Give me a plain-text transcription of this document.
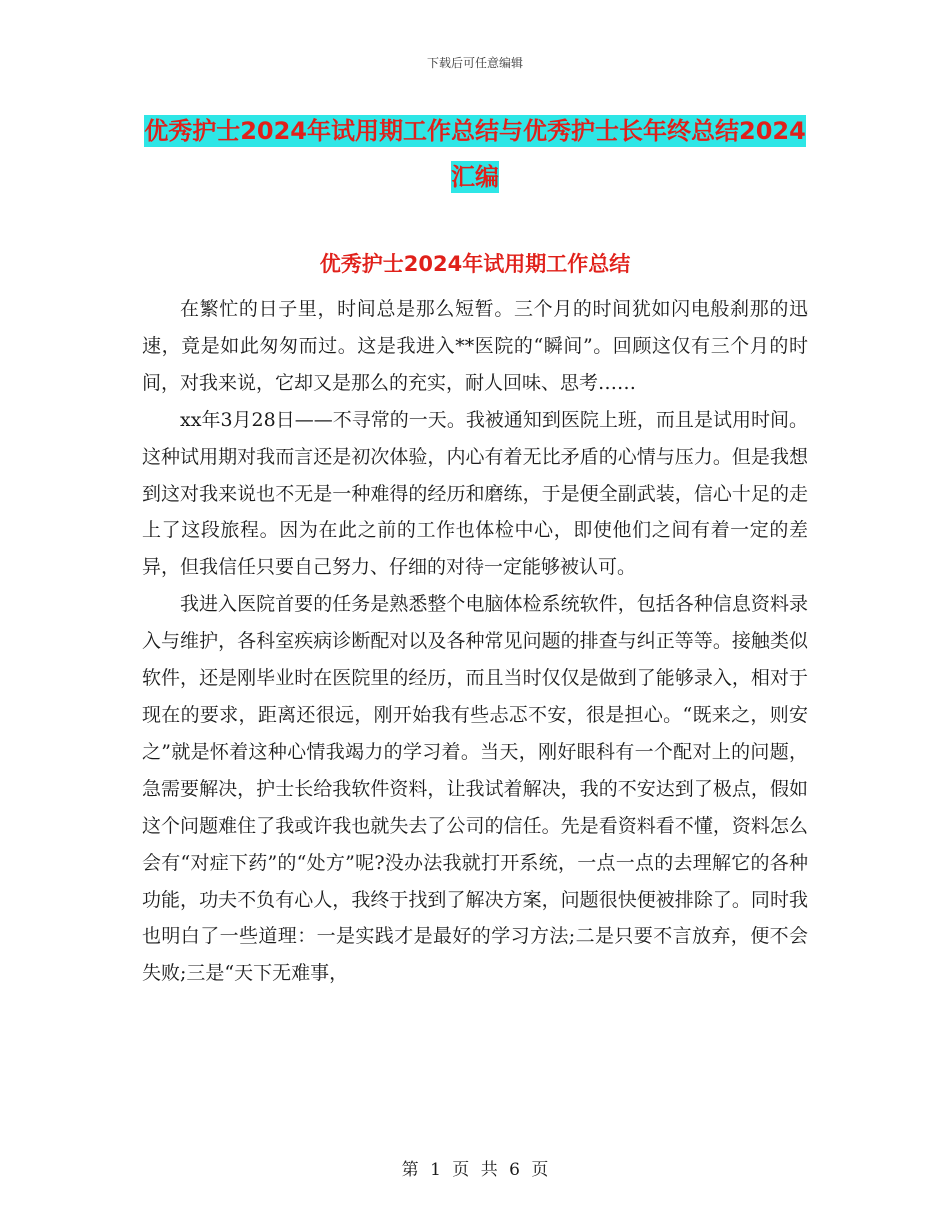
下载后可任意编辑
优秀护士2024年试用期工作总结与优秀护士长年终总结2024汇编
优秀护士2024年试用期工作总结

在繁忙的日子里，时间总是那么短暂。三个月的时间犹如闪电般刹那的迅速，竟是如此匆匆而过。这是我进入**医院的“瞬间”。回顾这仅有三个月的时间，对我来说，它却又是那么的充实，耐人回味、思考……

xx年3月28日——不寻常的一天。我被通知到医院上班，而且是试用时间。这种试用期对我而言还是初次体验，内心有着无比矛盾的心情与压力。但是我想到这对我来说也不无是一种难得的经历和磨练，于是便全副武装，信心十足的走上了这段旅程。因为在此之前的工作也体检中心，即使他们之间有着一定的差异，但我信任只要自己努力、仔细的对待一定能够被认可。

我进入医院首要的任务是熟悉整个电脑体检系统软件，包括各种信息资料录入与维护，各科室疾病诊断配对以及各种常见问题的排查与纠正等等。接触类似软件，还是刚毕业时在医院里的经历，而且当时仅仅是做到了能够录入，相对于现在的要求，距离还很远，刚开始我有些忐忑不安，很是担心。“既来之，则安之”就是怀着这种心情我竭力的学习着。当天，刚好眼科有一个配对上的问题，急需要解决，护士长给我软件资料，让我试着解决，我的不安达到了极点，假如这个问题难住了我或许我也就失去了公司的信任。先是看资料看不懂，资料怎么会有“对症下药”的“处方”呢?没办法我就打开系统，一点一点的去理解它的各种功能，功夫不负有心人，我终于找到了解决方案，问题很快便被排除了。同时我也明白了一些道理：一是实践才是最好的学习方法;二是只要不言放弃，便不会失败;三是“天下无难事，

第 1 页 共 6 页
